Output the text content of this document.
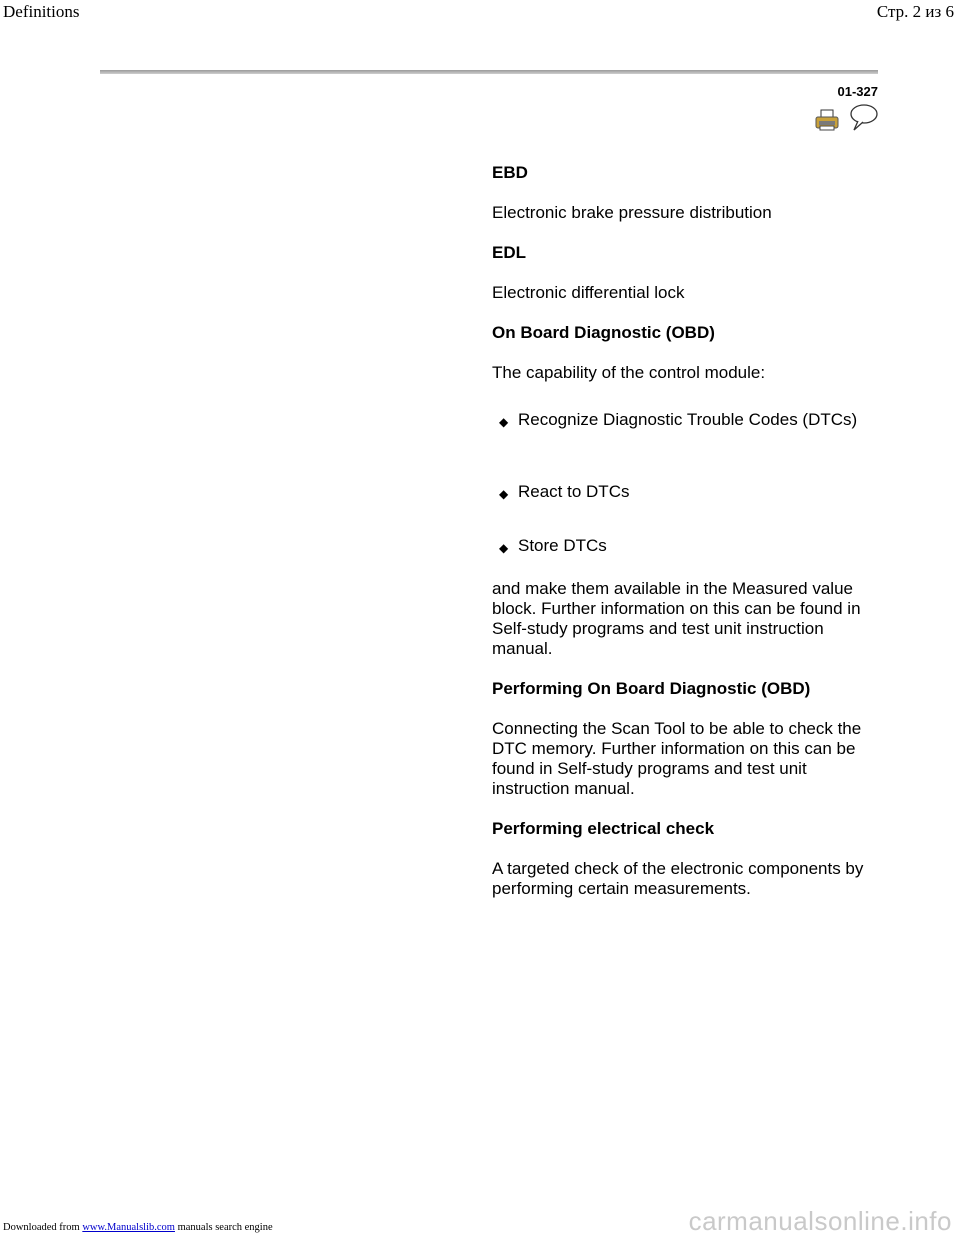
Definitions	Стр. 2 из 6
01-327

EBD

Electronic brake pressure distribution

EDL

Electronic differential lock

On Board Diagnostic (OBD)

The capability of the control module:

◆ Recognize Diagnostic Trouble Codes (DTCs)
◆ React to DTCs
◆ Store DTCs

and make them available in the Measured value block. Further information on this can be found in Self-study programs and test unit instruction manual.

Performing On Board Diagnostic (OBD)

Connecting the Scan Tool to be able to check the DTC memory. Further information on this can be found in Self-study programs and test unit instruction manual.

Performing electrical check

A targeted check of the electronic components by performing certain measurements.

Downloaded from www.Manualslib.com manuals search engine	carmanualsonline.info
